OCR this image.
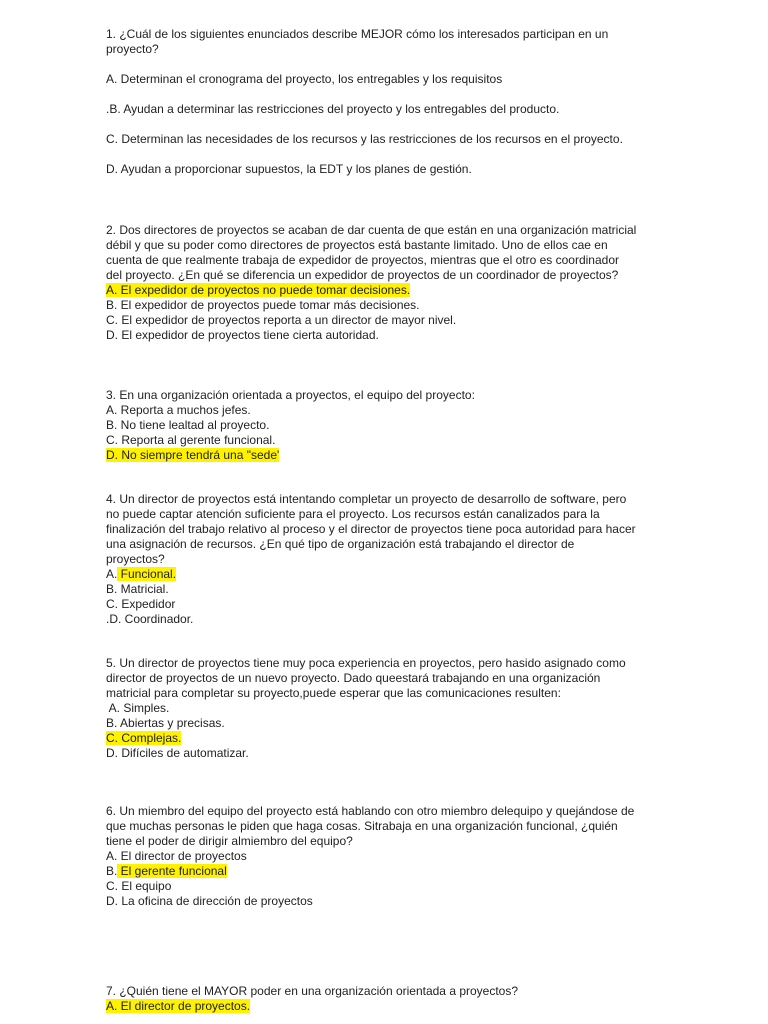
1. ¿Cuál de los siguientes enunciados describe MEJOR cómo los interesados participan en un
proyecto?
A. Determinan el cronograma del proyecto, los entregables y los requisitos
.B. Ayudan a determinar las restricciones del proyecto y los entregables del producto.
C. Determinan las necesidades de los recursos y las restricciones de los recursos en el proyecto.
D. Ayudan a proporcionar supuestos, la EDT y los planes de gestión.
2. Dos directores de proyectos se acaban de dar cuenta de que están en una organización matricial
débil y que su poder como directores de proyectos está bastante limitado. Uno de ellos cae en
cuenta de que realmente trabaja de expedidor de proyectos, mientras que el otro es coordinador
del proyecto. ¿En qué se diferencia un expedidor de proyectos de un coordinador de proyectos?
A. El expedidor de proyectos no puede tomar decisiones.
B. El expedidor de proyectos puede tomar más decisiones.
C. El expedidor de proyectos reporta a un director de mayor nivel.
D. El expedidor de proyectos tiene cierta autoridad.
3. En una organización orientada a proyectos, el equipo del proyecto:
A. Reporta a muchos jefes.
B. No tiene lealtad al proyecto.
C. Reporta al gerente funcional.
D. No siempre tendrá una "sede'
4. Un director de proyectos está intentando completar un proyecto de desarrollo de software, pero
no puede captar atención suficiente para el proyecto. Los recursos están canalizados para la
finalización del trabajo relativo al proceso y el director de proyectos tiene poca autoridad para hacer
una asignación de recursos. ¿En qué tipo de organización está trabajando el director de
proyectos?
A. Funcional.
B. Matricial.
C. Expedidor
.D. Coordinador.
5. Un director de proyectos tiene muy poca experiencia en proyectos, pero hasido asignado como
director de proyectos de un nuevo proyecto. Dado queestará trabajando en una organización
matricial para completar su proyecto,puede esperar que las comunicaciones resulten:
A. Simples.
B. Abiertas y precisas.
C. Complejas.
D. Difíciles de automatizar.
6. Un miembro del equipo del proyecto está hablando con otro miembro delequipo y quejándose de
que muchas personas le piden que haga cosas. Sitrabaja en una organización funcional, ¿quién
tiene el poder de dirigir almiembro del equipo?
A. El director de proyectos
B. El gerente funcional
C. El equipo
D. La oficina de dirección de proyectos
7. ¿Quién tiene el MAYOR poder en una organización orientada a proyectos?
A. El director de proyectos.
